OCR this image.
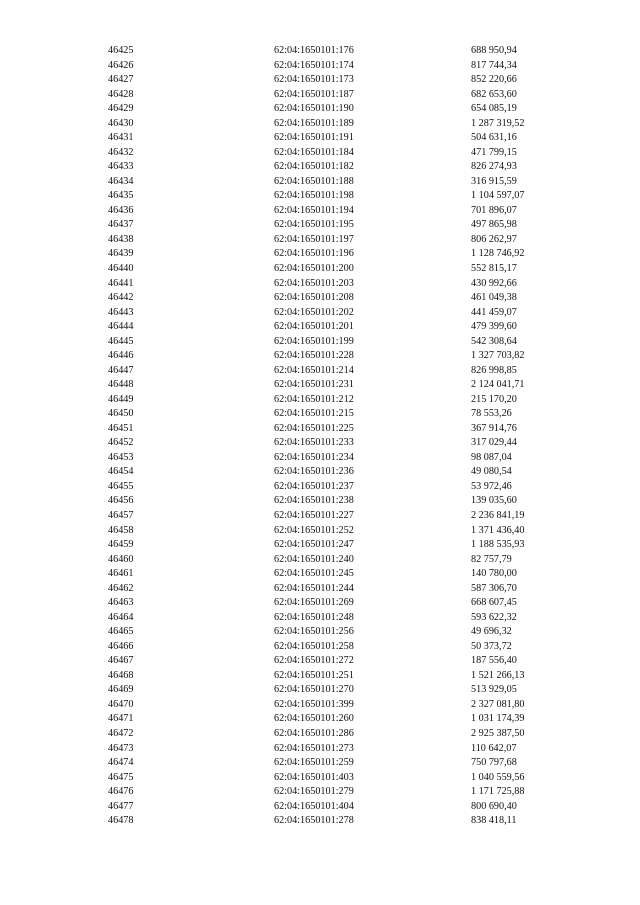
46425	62:04:1650101:176	688 950,94
46426	62:04:1650101:174	817 744,34
46427	62:04:1650101:173	852 220,66
46428	62:04:1650101:187	682 653,60
46429	62:04:1650101:190	654 085,19
46430	62:04:1650101:189	1 287 319,52
46431	62:04:1650101:191	504 631,16
46432	62:04:1650101:184	471 799,15
46433	62:04:1650101:182	826 274,93
46434	62:04:1650101:188	316 915,59
46435	62:04:1650101:198	1 104 597,07
46436	62:04:1650101:194	701 896,07
46437	62:04:1650101:195	497 865,98
46438	62:04:1650101:197	806 262,97
46439	62:04:1650101:196	1 128 746,92
46440	62:04:1650101:200	552 815,17
46441	62:04:1650101:203	430 992,66
46442	62:04:1650101:208	461 049,38
46443	62:04:1650101:202	441 459,07
46444	62:04:1650101:201	479 399,60
46445	62:04:1650101:199	542 308,64
46446	62:04:1650101:228	1 327 703,82
46447	62:04:1650101:214	826 998,85
46448	62:04:1650101:231	2 124 041,71
46449	62:04:1650101:212	215 170,20
46450	62:04:1650101:215	78 553,26
46451	62:04:1650101:225	367 914,76
46452	62:04:1650101:233	317 029,44
46453	62:04:1650101:234	98 087,04
46454	62:04:1650101:236	49 080,54
46455	62:04:1650101:237	53 972,46
46456	62:04:1650101:238	139 035,60
46457	62:04:1650101:227	2 236 841,19
46458	62:04:1650101:252	1 371 436,40
46459	62:04:1650101:247	1 188 535,93
46460	62:04:1650101:240	82 757,79
46461	62:04:1650101:245	140 780,00
46462	62:04:1650101:244	587 306,70
46463	62:04:1650101:269	668 607,45
46464	62:04:1650101:248	593 622,32
46465	62:04:1650101:256	49 696,32
46466	62:04:1650101:258	50 373,72
46467	62:04:1650101:272	187 556,40
46468	62:04:1650101:251	1 521 266,13
46469	62:04:1650101:270	513 929,05
46470	62:04:1650101:399	2 327 081,80
46471	62:04:1650101:260	1 031 174,39
46472	62:04:1650101:286	2 925 387,50
46473	62:04:1650101:273	110 642,07
46474	62:04:1650101:259	750 797,68
46475	62:04:1650101:403	1 040 559,56
46476	62:04:1650101:279	1 171 725,88
46477	62:04:1650101:404	800 690,40
46478	62:04:1650101:278	838 418,11
